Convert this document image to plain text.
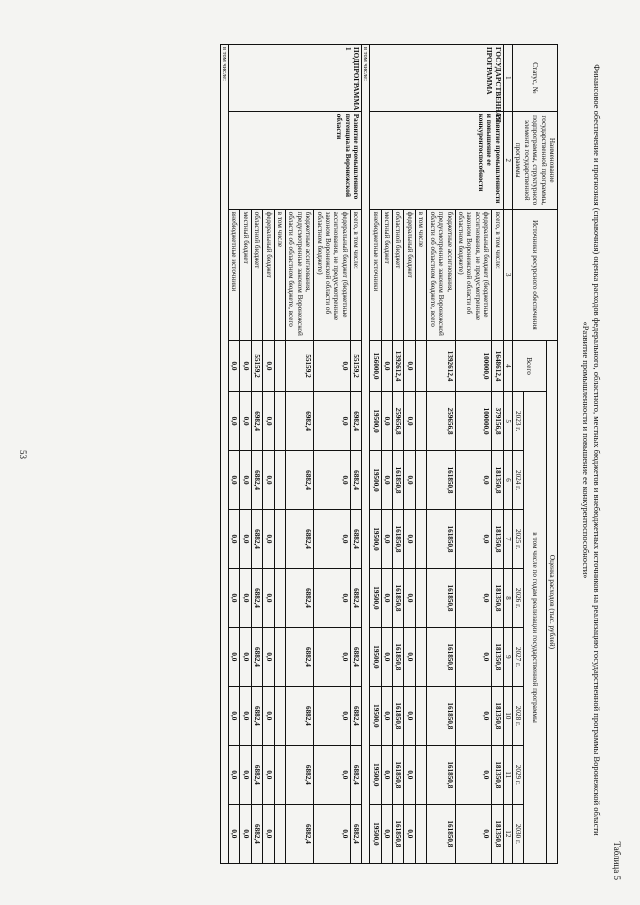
53
Таблица 5
Финансовое обеспечение и прогнозная (справочная) оценка расходов федерального, областного, местных бюджетов и внебюджетных источников на реализацию государственной программы Воронежской области «Развитие промышленности и повышение ее конкурентоспособности»
Статус, №	Наименование государственной программы, подпрограммы, структурного элемента государственной программы	Источники ресурсного обеспечения	Оценка расходов (тыс. рублей)								
			Всего	в том числе по годам реализации государственной программы							
				2023 г.	2024 г.	2025 г.	2026 г.	2027 г.	2028 г.	2029 г.	2030 г.
1	2	3	4	5	6	7	8	9	10	11	12
ГОСУДАРСТВЕННАЯ ПРОГРАММА	Развитие промышленности и повышение ее конкурентоспособности	всего, в том числе:	1648612,4	379156,8	181350,8	181350,8	181350,8	181350,8	181350,8	181350,8	181350,8
		федеральный бюджет (бюджетные ассигнования, не предусмотренные законом Воронежской области об областном бюджете)	100000,0	100000,0	0,0	0,0	0,0	0,0	0,0	0,0	0,0
		бюджетные ассигнования, предусмотренные законом Воронежской области об областном бюджете, всего	1392612,4	259656,8	161850,8	161850,8	161850,8	161850,8	161850,8	161850,8	161850,8
		в том числе									
		федеральный бюджет	0,0	0,0	0,0	0,0	0,0	0,0	0,0	0,0	0,0
		областной бюджет	1392612,4	259656,8	161850,8	161850,8	161850,8	161850,8	161850,8	161850,8	161850,8
		местный бюджет	0,0	0,0	0,0	0,0	0,0	0,0	0,0	0,0	0,0
		внебюджетные источники	156000,0	19500,0	19500,0	19500,0	19500,0	19500,0	19500,0	19500,0	19500,0
в том числе:											
ПОДПРОГРАММА 1	Развитие промышленного потенциала Воронежской области	всего, в том числе:	55159,2	6982,4	6882,4	6882,4	6882,4	6882,4	6882,4	6882,4	6882,4
		федеральный бюджет (бюджетные ассигнования, не предусмотренные законом Воронежской области об областном бюджете)	0,0	0,0	0,0	0,0	0,0	0,0	0,0	0,0	0,0
		бюджетные ассигнования, предусмотренные законом Воронежской области об областном бюджете, всего	55159,2	6982,4	6882,4	6882,4	6882,4	6882,4	6882,4	6882,4	6882,4
		в том числе									
		федеральный бюджет	0,0	0,0	0,0	0,0	0,0	0,0	0,0	0,0	0,0
		областной бюджет	55159,2	6982,4	6882,4	6882,4	6882,4	6882,4	6882,4	6882,4	6882,4
		местный бюджет	0,0	0,0	0,0	0,0	0,0	0,0	0,0	0,0	0,0
		внебюджетные источники	0,0	0,0	0,0	0,0	0,0	0,0	0,0	0,0	0,0
в том числе:											
